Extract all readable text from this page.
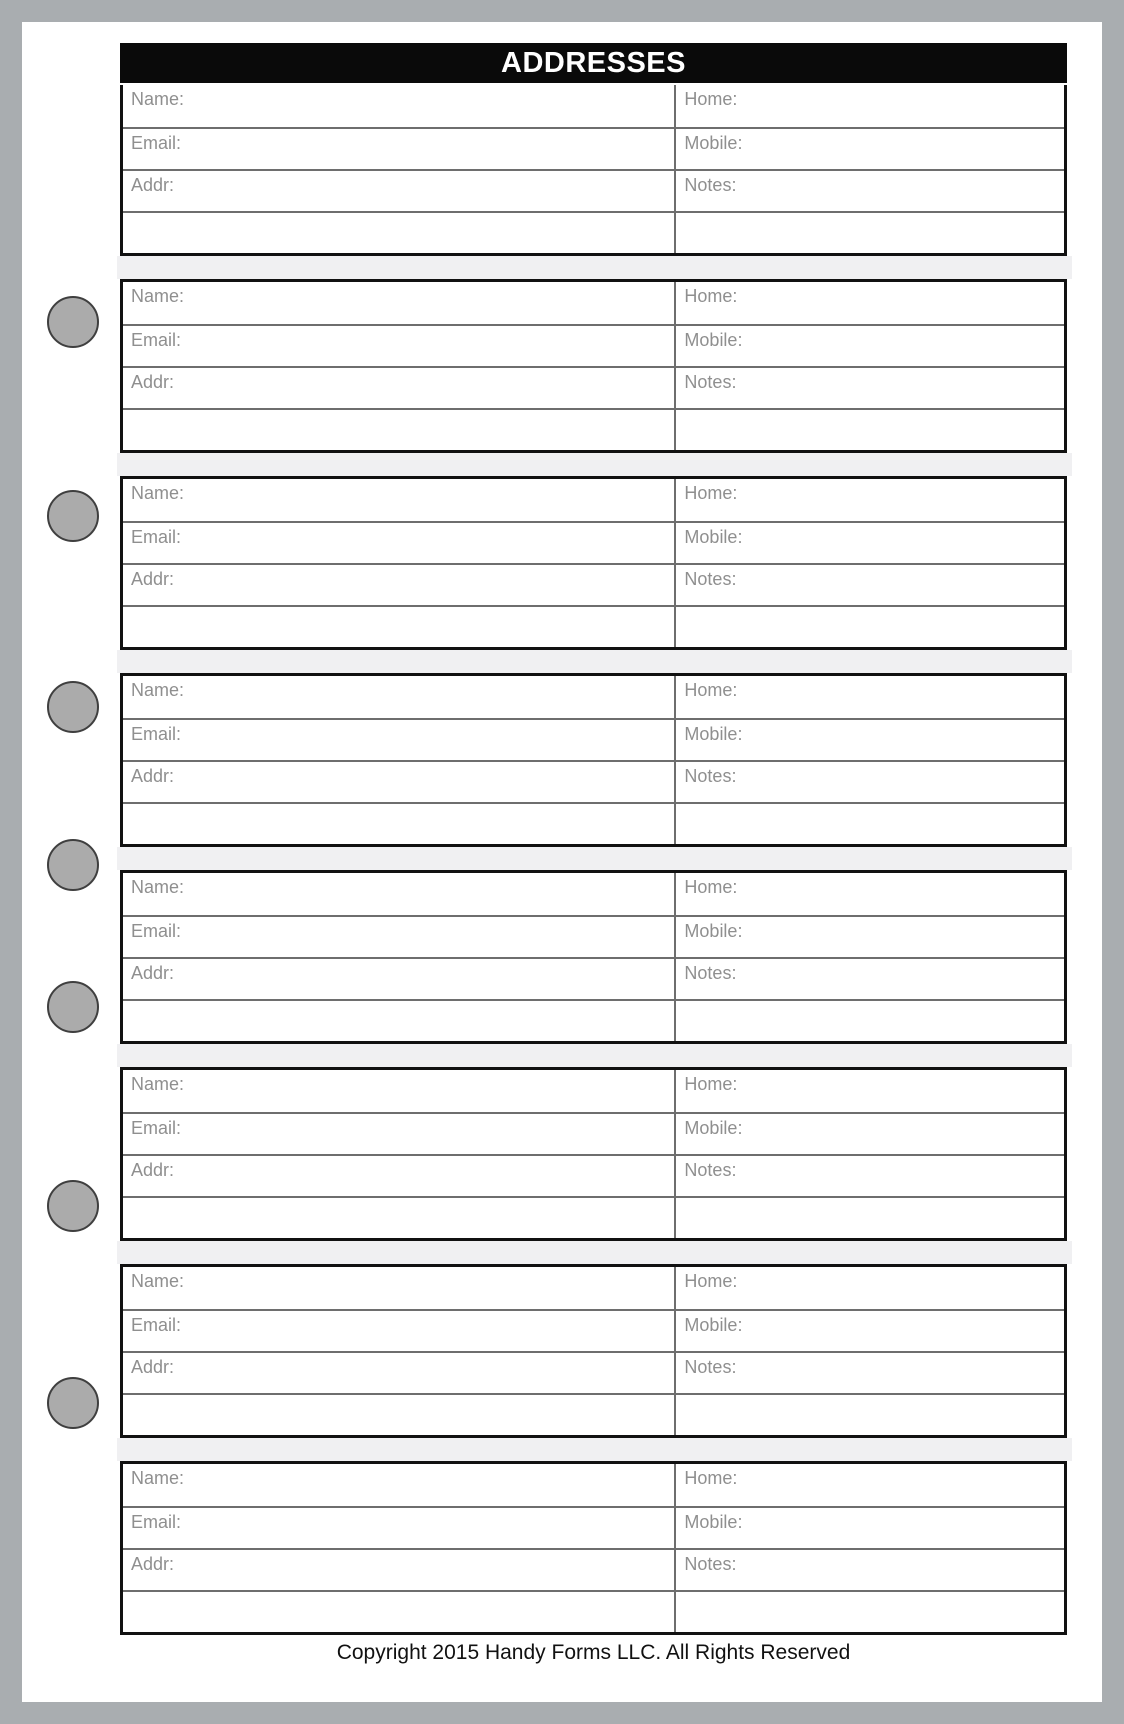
ADDRESSES
Name:	Home:
Email:	Mobile:
Addr:	Notes:
Name:	Home:
Email:	Mobile:
Addr:	Notes:
Name:	Home:
Email:	Mobile:
Addr:	Notes:
Name:	Home:
Email:	Mobile:
Addr:	Notes:
Name:	Home:
Email:	Mobile:
Addr:	Notes:
Name:	Home:
Email:	Mobile:
Addr:	Notes:
Name:	Home:
Email:	Mobile:
Addr:	Notes:
Name:	Home:
Email:	Mobile:
Addr:	Notes:
Copyright 2015 Handy Forms LLC. All Rights Reserved
